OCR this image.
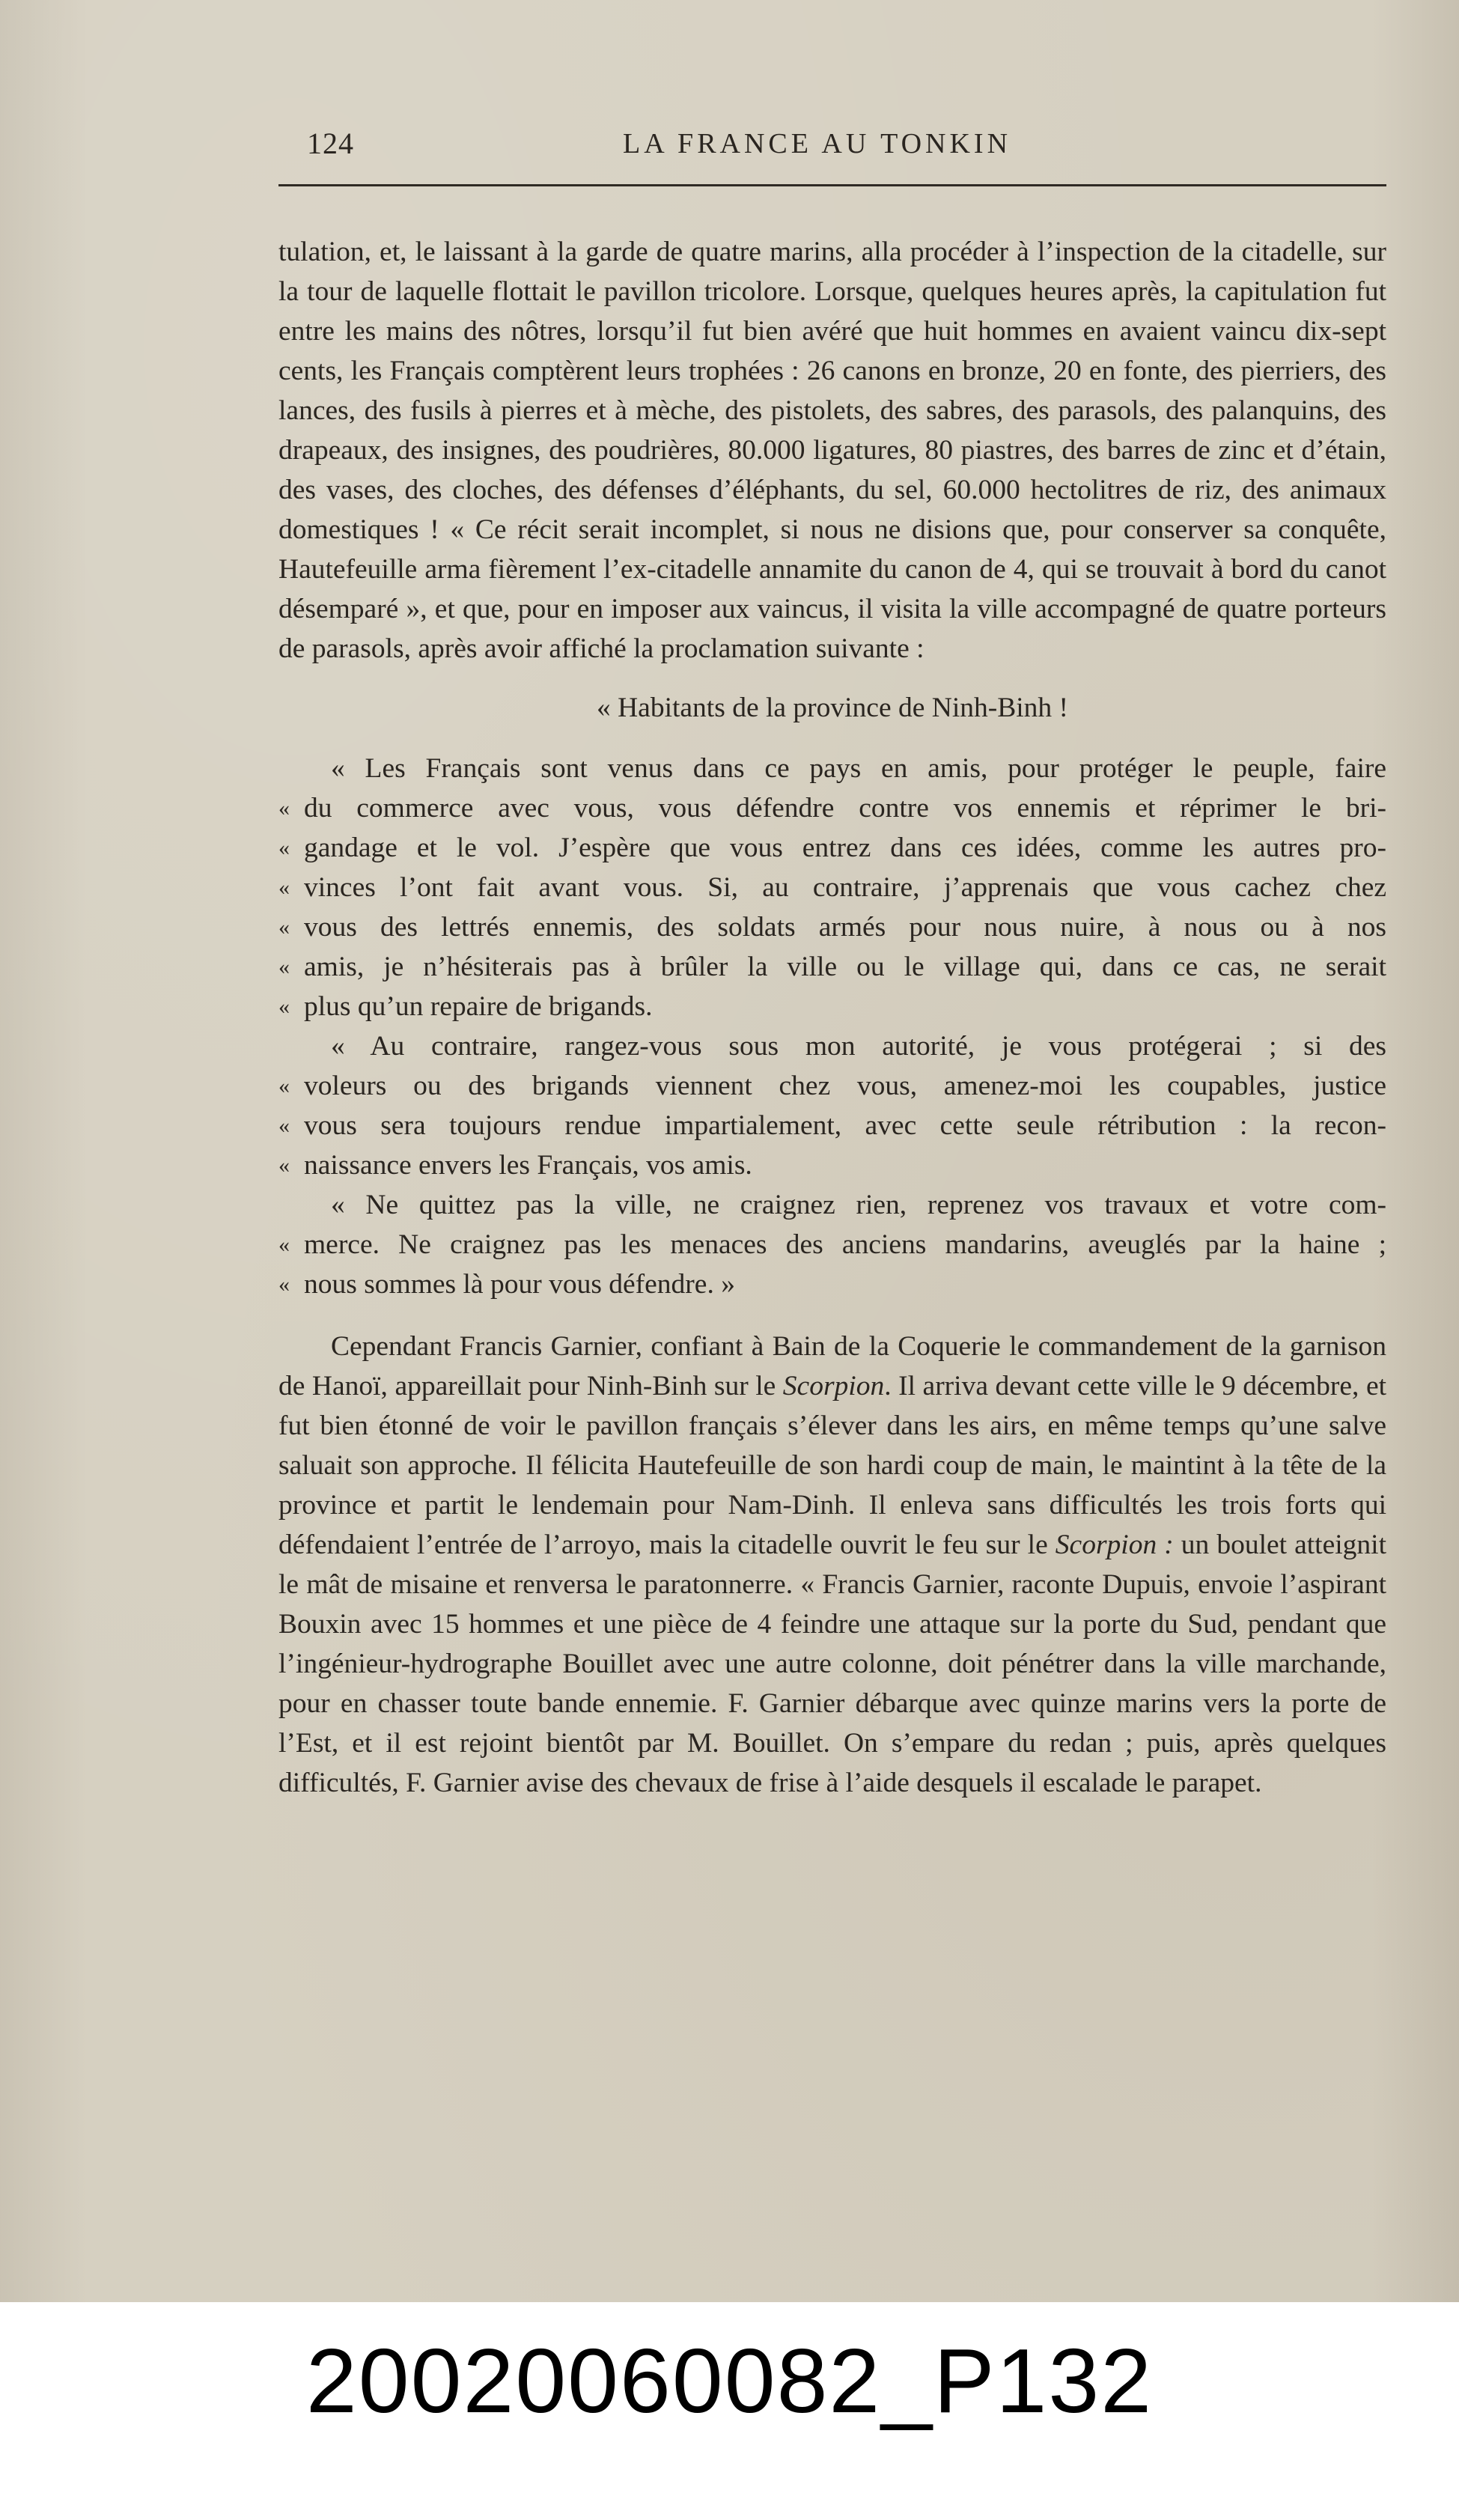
124	LA FRANCE AU TONKIN

tulation, et, le laissant à la garde de quatre marins, alla procéder à l’inspection de la citadelle, sur la tour de laquelle flottait le pavillon tricolore. Lorsque, quelques heures après, la capitulation fut entre les mains des nôtres, lorsqu’il fut bien avéré que huit hommes en avaient vaincu dix-sept cents, les Français comptèrent leurs trophées : 26 canons en bronze, 20 en fonte, des pierriers, des lances, des fusils à pierres et à mèche, des pistolets, des sabres, des parasols, des palanquins, des drapeaux, des insignes, des poudrières, 80.000 ligatures, 80 piastres, des barres de zinc et d’étain, des vases, des cloches, des défenses d’éléphants, du sel, 60.000 hectolitres de riz, des animaux domestiques ! « Ce récit serait incomplet, si nous ne disions que, pour conserver sa conquête, Hautefeuille arma fièrement l’ex-citadelle annamite du canon de 4, qui se trouvait à bord du canot désemparé », et que, pour en imposer aux vaincus, il visita la ville accompagné de quatre porteurs de parasols, après avoir affiché la proclamation suivante :

« Habitants de la province de Ninh-Binh !

« Les Français sont venus dans ce pays en amis, pour protéger le peuple, faire
« du commerce avec vous, vous défendre contre vos ennemis et réprimer le bri-
« gandage et le vol. J’espère que vous entrez dans ces idées, comme les autres pro-
« vinces l’ont fait avant vous. Si, au contraire, j’apprenais que vous cachez chez
« vous des lettrés ennemis, des soldats armés pour nous nuire, à nous ou à nos
« amis, je n’hésiterais pas à brûler la ville ou le village qui, dans ce cas, ne serait
« plus qu’un repaire de brigands.
« Au contraire, rangez-vous sous mon autorité, je vous protégerai ; si des
« voleurs ou des brigands viennent chez vous, amenez-moi les coupables, justice
« vous sera toujours rendue impartialement, avec cette seule rétribution : la recon-
« naissance envers les Français, vos amis.
« Ne quittez pas la ville, ne craignez rien, reprenez vos travaux et votre com-
« merce. Ne craignez pas les menaces des anciens mandarins, aveuglés par la haine ;
« nous sommes là pour vous défendre. »

Cependant Francis Garnier, confiant à Bain de la Coquerie le commandement de la garnison de Hanoï, appareillait pour Ninh-Binh sur le Scorpion. Il arriva devant cette ville le 9 décembre, et fut bien étonné de voir le pavillon français s’élever dans les airs, en même temps qu’une salve saluait son approche. Il félicita Hautefeuille de son hardi coup de main, le maintint à la tête de la province et partit le lendemain pour Nam-Dinh. Il enleva sans difficultés les trois forts qui défendaient l’entrée de l’arroyo, mais la citadelle ouvrit le feu sur le Scorpion : un boulet atteignit le mât de misaine et renversa le paratonnerre. « Francis Garnier, raconte Dupuis, envoie l’aspirant Bouxin avec 15 hommes et une pièce de 4 feindre une attaque sur la porte du Sud, pendant que l’ingénieur-hydrographe Bouillet avec une autre colonne, doit pénétrer dans la ville marchande, pour en chasser toute bande ennemie. F. Garnier débarque avec quinze marins vers la porte de l’Est, et il est rejoint bientôt par M. Bouillet. On s’empare du redan ; puis, après quelques difficultés, F. Garnier avise des chevaux de frise à l’aide desquels il escalade le parapet.

20020060082_P132
